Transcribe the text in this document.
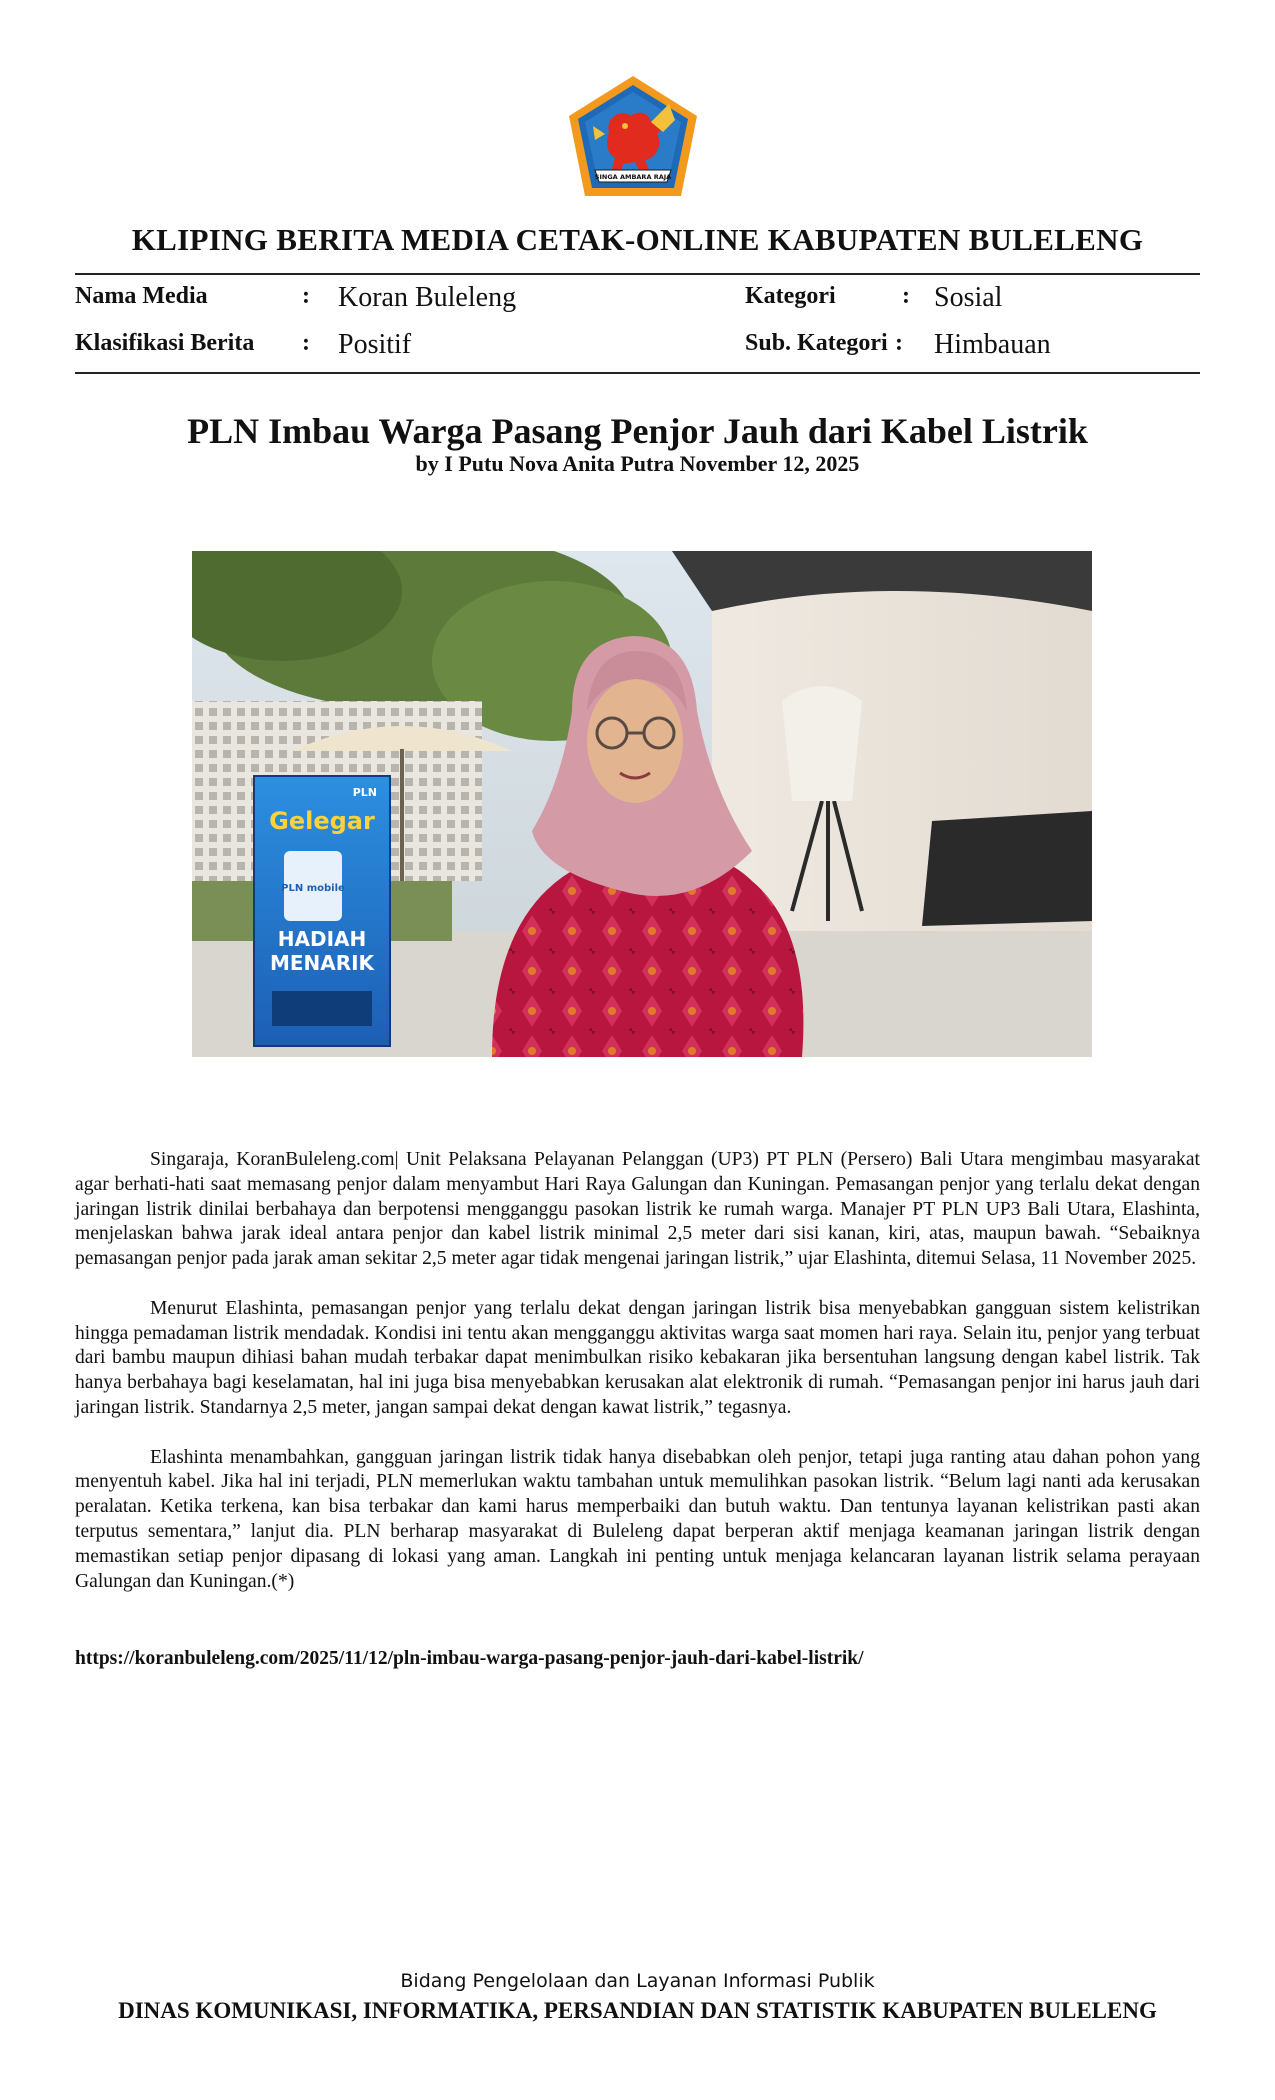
SINGA AMBARA RAJA
KLIPING BERITA MEDIA CETAK-ONLINE KABUPATEN BULELENG
Nama Media	: Koran Buleleng	Kategori	: Sosial
Klasifikasi Berita : Positif	Sub. Kategori : Himbauan
PLN Imbau Warga Pasang Penjor Jauh dari Kabel Listrik
by I Putu Nova Anita Putra November 12, 2025
Gelegar
PLN
PLN mobile
HADIAH
MENARIK

Singaraja, KoranBuleleng.com| Unit Pelaksana Pelayanan Pelanggan (UP3) PT PLN (Persero) Bali Utara mengimbau masyarakat agar berhati-hati saat memasang penjor dalam menyambut Hari Raya Galungan dan Kuningan. Pemasangan penjor yang terlalu dekat dengan jaringan listrik dinilai berbahaya dan berpotensi mengganggu pasokan listrik ke rumah warga. Manajer PT PLN UP3 Bali Utara, Elashinta, menjelaskan bahwa jarak ideal antara penjor dan kabel listrik minimal 2,5 meter dari sisi kanan, kiri, atas, maupun bawah. “Sebaiknya pemasangan penjor pada jarak aman sekitar 2,5 meter agar tidak mengenai jaringan listrik,” ujar Elashinta, ditemui Selasa, 11 November 2025.

Menurut Elashinta, pemasangan penjor yang terlalu dekat dengan jaringan listrik bisa menyebabkan gangguan sistem kelistrikan hingga pemadaman listrik mendadak. Kondisi ini tentu akan mengganggu aktivitas warga saat momen hari raya. Selain itu, penjor yang terbuat dari bambu maupun dihiasi bahan mudah terbakar dapat menimbulkan risiko kebakaran jika bersentuhan langsung dengan kabel listrik. Tak hanya berbahaya bagi keselamatan, hal ini juga bisa menyebabkan kerusakan alat elektronik di rumah. “Pemasangan penjor ini harus jauh dari jaringan listrik. Standarnya 2,5 meter, jangan sampai dekat dengan kawat listrik,” tegasnya.

Elashinta menambahkan, gangguan jaringan listrik tidak hanya disebabkan oleh penjor, tetapi juga ranting atau dahan pohon yang menyentuh kabel. Jika hal ini terjadi, PLN memerlukan waktu tambahan untuk memulihkan pasokan listrik. “Belum lagi nanti ada kerusakan peralatan. Ketika terkena, kan bisa terbakar dan kami harus memperbaiki dan butuh waktu. Dan tentunya layanan kelistrikan pasti akan terputus sementara,” lanjut dia. PLN berharap masyarakat di Buleleng dapat berperan aktif menjaga keamanan jaringan listrik dengan memastikan setiap penjor dipasang di lokasi yang aman. Langkah ini penting untuk menjaga kelancaran layanan listrik selama perayaan Galungan dan Kuningan.(*)

https://koranbuleleng.com/2025/11/12/pln-imbau-warga-pasang-penjor-jauh-dari-kabel-listrik/
Bidang Pengelolaan dan Layanan Informasi Publik
DINAS KOMUNIKASI, INFORMATIKA, PERSANDIAN DAN STATISTIK KABUPATEN BULELENG
